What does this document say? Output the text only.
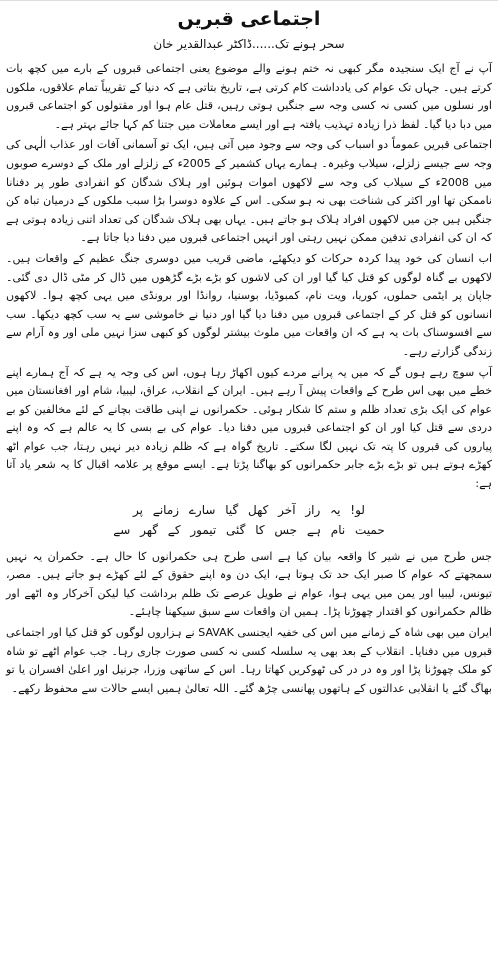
اجتماعی قبریں
سحر ہونے تک......ڈاکٹر عبدالقدیر خان

آپ نے آج ایک سنجیدہ مگر کبھی نہ ختم ہونے والے موضوع یعنی اجتماعی قبروں کے بارے میں کچھ بات کرتے ہیں۔ جہاں تک عوام کی یادداشت کام کرتی ہے، تاریخ بتاتی ہے کہ دنیا کے تقریباً تمام علاقوں، ملکوں اور نسلوں میں کسی نہ کسی وجہ سے جنگیں ہوتی رہیں، قتل عام ہوا اور مقتولوں کو اجتماعی قبروں میں دبا دیا گیا۔ لفظ ذرا زیادہ تہذیب یافتہ ہے اور ایسے معاملات میں جتنا کم کہا جائے بہتر ہے۔

اجتماعی قبریں عموماً دو اسباب کی وجہ سے وجود میں آتی ہیں، ایک تو آسمانی آفات اور عذاب الٰہی کی وجہ سے جیسے زلزلے، سیلاب وغیرہ۔ ہمارے یہاں کشمیر کے 2005ء کے زلزلے اور ملک کے دوسرے صوبوں میں 2008ء کے سیلاب کی وجہ سے لاکھوں اموات ہوئیں اور ہلاک شدگان کو انفرادی طور پر دفنانا ناممکن تھا اور اکثر کی شناخت بھی نہ ہو سکی۔ اس کے علاوہ دوسرا بڑا سبب ملکوں کے درمیان تباہ کن جنگیں ہیں جن میں لاکھوں افراد ہلاک ہو جاتے ہیں۔ یہاں بھی ہلاک شدگان کی تعداد اتنی زیادہ ہوتی ہے کہ ان کی انفرادی تدفین ممکن نہیں رہتی اور انہیں اجتماعی قبروں میں دفنا دیا جاتا ہے۔

اب انسان کی خود پیدا کردہ حرکات کو دیکھئے، ماضی قریب میں دوسری جنگ عظیم کے واقعات ہیں۔ لاکھوں بے گناہ لوگوں کو قتل کیا گیا اور ان کی لاشوں کو بڑے بڑے گڑھوں میں ڈال کر مٹی ڈال دی گئی۔ جاپان پر ایٹمی حملوں، کوریا، ویت نام، کمبوڈیا، بوسنیا، روانڈا اور برونڈی میں یہی کچھ ہوا۔ لاکھوں انسانوں کو قتل کر کے اجتماعی قبروں میں دفنا دیا گیا اور دنیا نے خاموشی سے یہ سب کچھ دیکھا۔ سب سے افسوسناک بات یہ ہے کہ ان واقعات میں ملوث بیشتر لوگوں کو کبھی سزا نہیں ملی اور وہ آرام سے زندگی گزارتے رہے۔

آپ سوچ رہے ہوں گے کہ میں یہ پرانے مردے کیوں اکھاڑ رہا ہوں، اس کی وجہ یہ ہے کہ آج ہمارے اپنے خطے میں بھی اس طرح کے واقعات پیش آ رہے ہیں۔ ایران کے انقلاب، عراق، لیبیا، شام اور افغانستان میں عوام کی ایک بڑی تعداد ظلم و ستم کا شکار ہوئی۔ حکمرانوں نے اپنی طاقت بچانے کے لئے مخالفین کو بے دردی سے قتل کیا اور ان کو اجتماعی قبروں میں دفنا دیا۔ عوام کی بے بسی کا یہ عالم ہے کہ وہ اپنے پیاروں کی قبروں کا پتہ تک نہیں لگا سکتے۔ تاریخ گواہ ہے کہ ظلم زیادہ دیر نہیں رہتا، جب عوام اٹھ کھڑے ہوتے ہیں تو بڑے بڑے جابر حکمرانوں کو بھاگنا پڑتا ہے۔ ایسے موقع پر علامہ اقبال کا یہ شعر یاد آتا ہے:

لو! یہ راز آخر کھل گیا سارے زمانے پر
حمیت نام ہے جس کا گئی تیمور کے گھر سے

جس طرح میں نے شیر کا واقعہ بیان کیا ہے اسی طرح ہی حکمرانوں کا حال ہے۔ حکمران یہ نہیں سمجھتے کہ عوام کا صبر ایک حد تک ہوتا ہے، ایک دن وہ اپنے حقوق کے لئے کھڑے ہو جاتے ہیں۔ مصر، تیونس، لیبیا اور یمن میں یہی ہوا، عوام نے طویل عرصے تک ظلم برداشت کیا لیکن آخرکار وہ اٹھے اور ظالم حکمرانوں کو اقتدار چھوڑنا پڑا۔ ہمیں ان واقعات سے سبق سیکھنا چاہئے۔

ایران میں بھی شاہ کے زمانے میں اس کی خفیہ ایجنسی SAVAK نے ہزاروں لوگوں کو قتل کیا اور اجتماعی قبروں میں دفنایا۔ انقلاب کے بعد بھی یہ سلسلہ کسی نہ کسی صورت جاری رہا۔ جب عوام اٹھے تو شاہ کو ملک چھوڑنا پڑا اور وہ در در کی ٹھوکریں کھاتا رہا۔ اس کے ساتھی وزرا، جرنیل اور اعلیٰ افسران یا تو بھاگ گئے یا انقلابی عدالتوں کے ہاتھوں پھانسی چڑھ گئے۔ اللہ تعالیٰ ہمیں ایسے حالات سے محفوظ رکھے۔
